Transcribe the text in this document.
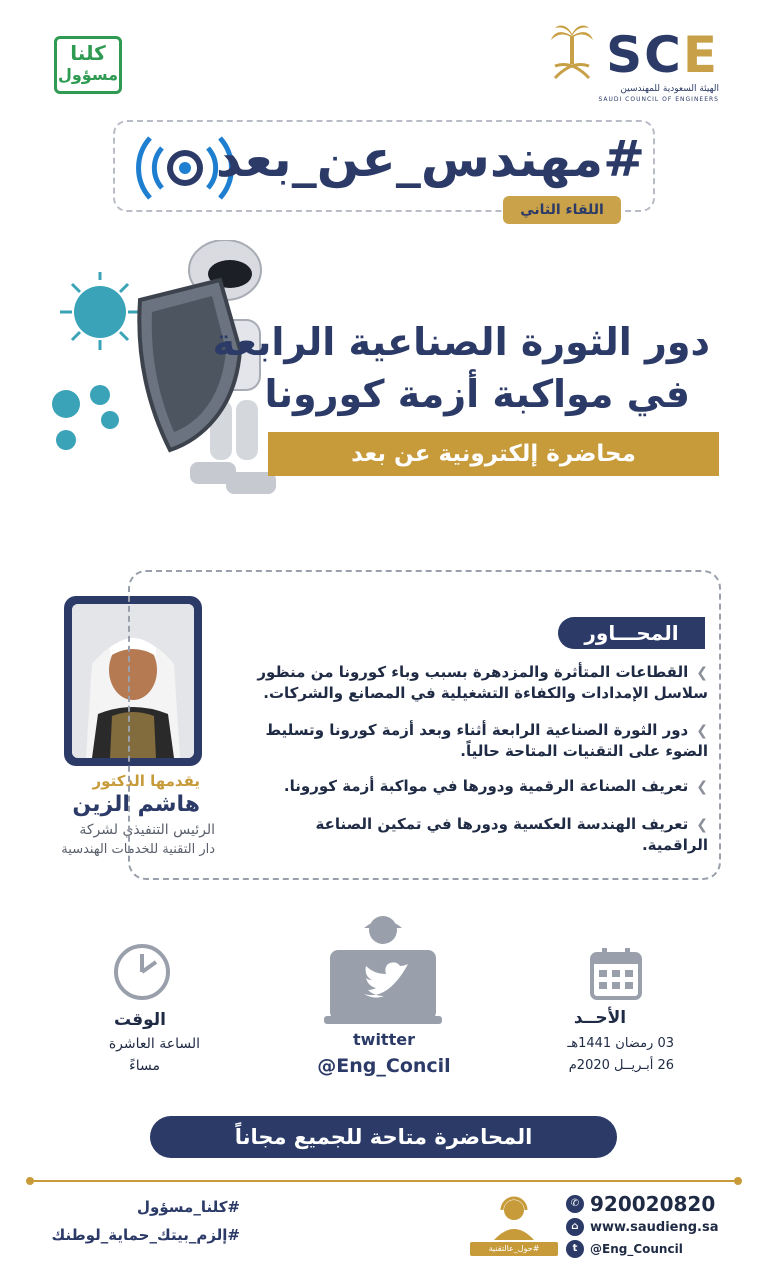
SCE
الهيئة السعودية للمهندسين
SAUDI COUNCIL OF ENGINEERS
كلنا
مسؤول
#مهندس_عن_بعد
اللقاء الثاني
دور الثورة الصناعية الرابعة
في مواكبة أزمة كورونا
محاضرة إلكترونية عن بعد
يقدمها الدكتور
هاشم الزين
الرئيس التنفيذي لشركة
دار التقنية للخدمات الهندسية
المحـــاور
❯القطاعات المتأثرة والمزدهرة بسبب وباء كورونا من منظور سلاسل الإمدادات والكفاءة التشغيلية في المصانع والشركات.
❯دور الثورة الصناعية الرابعة أثناء وبعد أزمة كورونا وتسليط الضوء على التقنيات المتاحة حالياً.
❯تعريف الصناعة الرقمية ودورها في مواكبة أزمة كورونا.
❯تعريف الهندسة العكسية ودورها في تمكين الصناعة الراقمية.
الوقت
الساعة العاشرة
مساءً
twitter
@Eng_Concil
الأحــد
03 رمضان 1441هـ
26 أبـريــل 2020م
المحاضرة متاحة للجميع مجاناً
#كلنا_مسؤول
#إلزم_بيتك_حماية_لوطنك
#حول_عالتقنية
✆ 920020820
⌂ www.saudieng.sa
t	@Eng_Council
